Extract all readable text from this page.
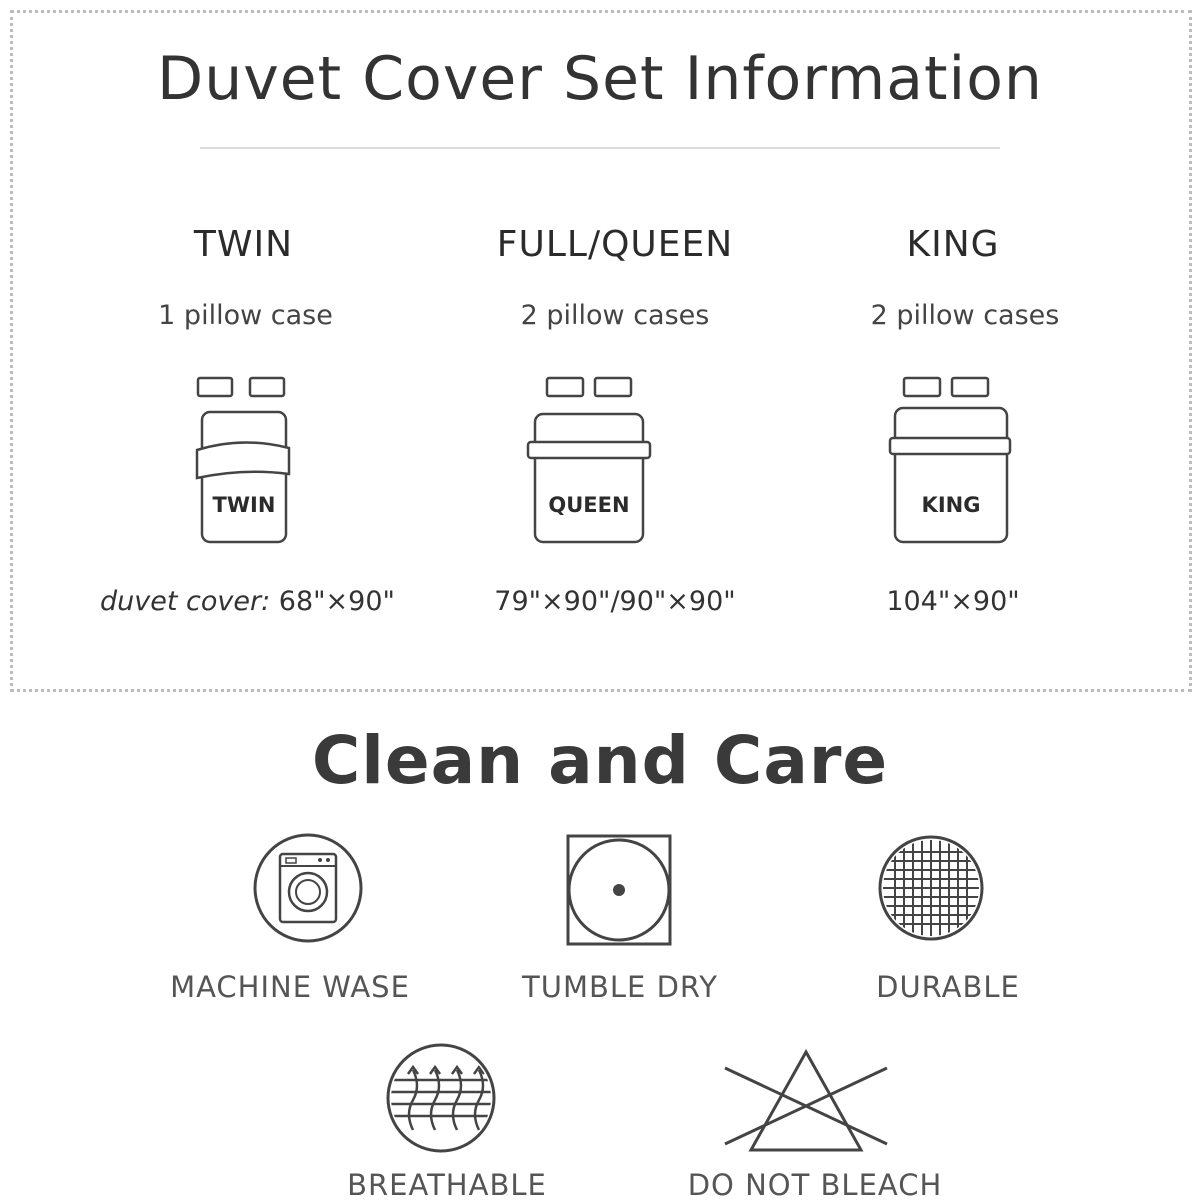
Duvet Cover Set Information
TWIN
1 pillow case
TWIN
duvet cover: 68"×90"
FULL/QUEEN
2 pillow cases
QUEEN
79"×90"/90"×90"
KING
2 pillow cases
KING
104"×90"
Clean and Care
MACHINE WASE	TUMBLE DRY	DURABLE
BREATHABLE	DO NOT BLEACH
